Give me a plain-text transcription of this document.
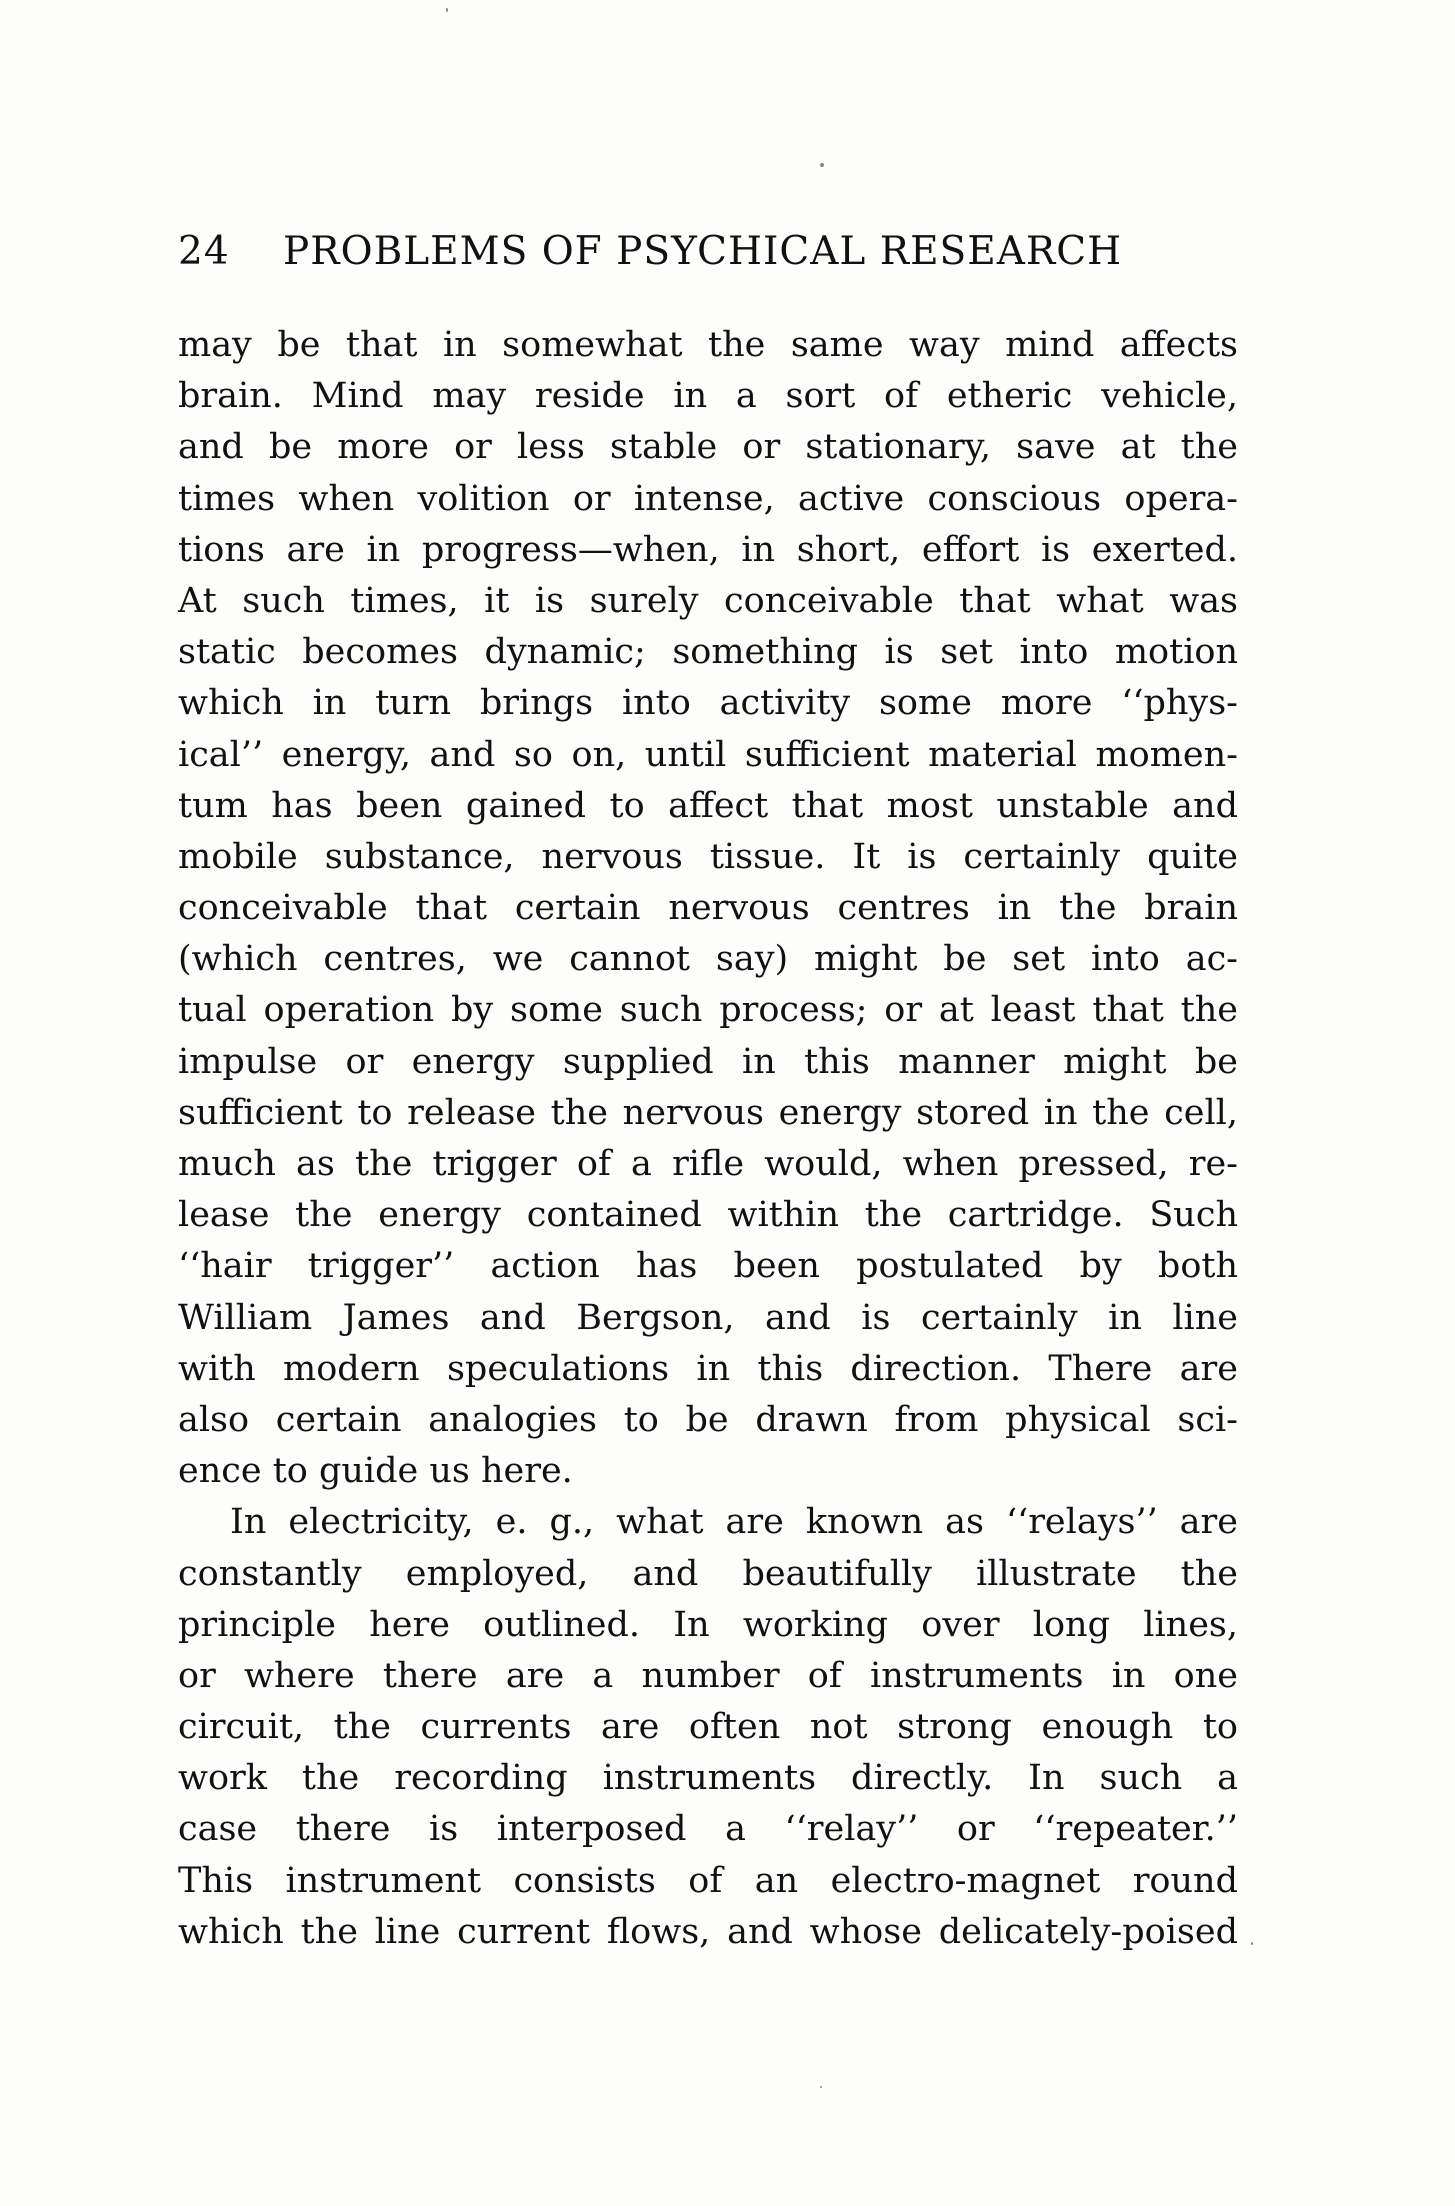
24 PROBLEMS OF PSYCHICAL RESEARCH
may be that in somewhat the same way mind affects
brain. Mind may reside in a sort of etheric vehicle,
and be more or less stable or stationary, save at the
times when volition or intense, active conscious opera-
tions are in progress—when, in short, effort is exerted.
At such times, it is surely conceivable that what was
static becomes dynamic; something is set into motion
which in turn brings into activity some more ‘‘phys-
ical’’ energy, and so on, until sufficient material momen-
tum has been gained to affect that most unstable and
mobile substance, nervous tissue. It is certainly quite
conceivable that certain nervous centres in the brain
(which centres, we cannot say) might be set into ac-
tual operation by some such process; or at least that the
impulse or energy supplied in this manner might be
sufficient to release the nervous energy stored in the cell,
much as the trigger of a rifle would, when pressed, re-
lease the energy contained within the cartridge. Such
‘‘hair trigger’’ action has been postulated by both
William James and Bergson, and is certainly in line
with modern speculations in this direction. There are
also certain analogies to be drawn from physical sci-
ence to guide us here.
In electricity, e. g., what are known as ‘‘relays’’ are
constantly employed, and beautifully illustrate the
principle here outlined. In working over long lines,
or where there are a number of instruments in one
circuit, the currents are often not strong enough to
work the recording instruments directly. In such a
case there is interposed a ‘‘relay’’ or ‘‘repeater.’’
This instrument consists of an electro-magnet round
which the line current flows, and whose delicately-poised
